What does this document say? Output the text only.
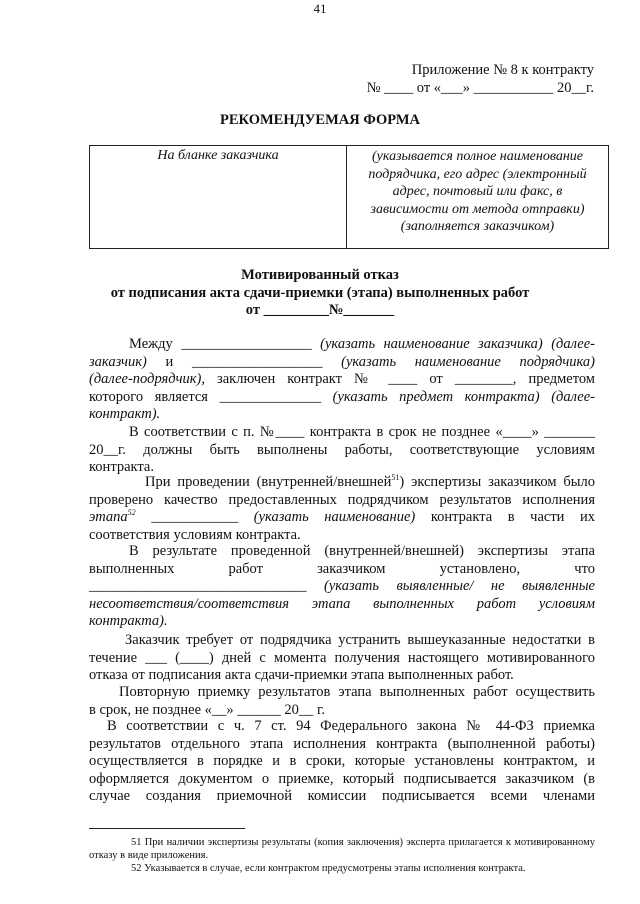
41
Приложение № 8 к контракту
№ ____ от «___» ___________ 20__г.
РЕКОМЕНДУЕМАЯ ФОРМА
На бланке заказчика	(указывается полное наименование
подрядчика, его адрес (электронный
адрес, почтовый или факс, в
зависимости от метода отправки)
(заполняется заказчиком)
Мотивированный отказ
от подписания акта сдачи-приемки (этапа) выполненных работ
от _________№_______
Между __________________ (указать наименование заказчика) (далее-
заказчик) и __________________ (указать наименование подрядчика)
(далее-подрядчик), заключен контракт № ____ от ________, предметом
которого является ______________ (указать предмет контракта) (далее-
контракт).
В соответствии с п. №____ контракта в срок не позднее «____» _______
20__г. должны быть выполнены работы, соответствующие условиям
контракта.
При проведении (внутренней/внешней$^{51}$) экспертизы заказчиком было
проверено качество предоставленных подрядчиком результатов исполнения
этапа$^{52}$ ____________ (указать наименование) контракта в части их
соответствия условиям контракта.
В результате проведенной (внутренней/внешней) экспертизы этапа
выполненных работ заказчиком установлено, что
______________________________ (указать выявленные/ не выявленные
несоответствия/соответствия этапа выполненных работ условиям
контракта).
Заказчик требует от подрядчика устранить вышеуказанные недостатки в
течение ___ (____) дней с момента получения настоящего мотивированного
отказа от подписания акта сдачи-приемки этапа выполненных работ.
Повторную приемку результатов этапа выполненных работ осуществить
в срок, не позднее «__» ______ 20__ г.
В соответствии с ч. 7 ст. 94 Федерального закона № 44-ФЗ приемка
результатов отдельного этапа исполнения контракта (выполненной работы)
осуществляется в порядке и в сроки, которые установлены контрактом, и
оформляется документом о приемке, который подписывается заказчиком (в
случае создания приемочной комиссии подписывается всеми членами
51 При наличии экспертизы результаты (копия заключения) эксперта прилагается к мотивированному
отказу в виде приложения.
52 Указывается в случае, если контрактом предусмотрены этапы исполнения контракта.
